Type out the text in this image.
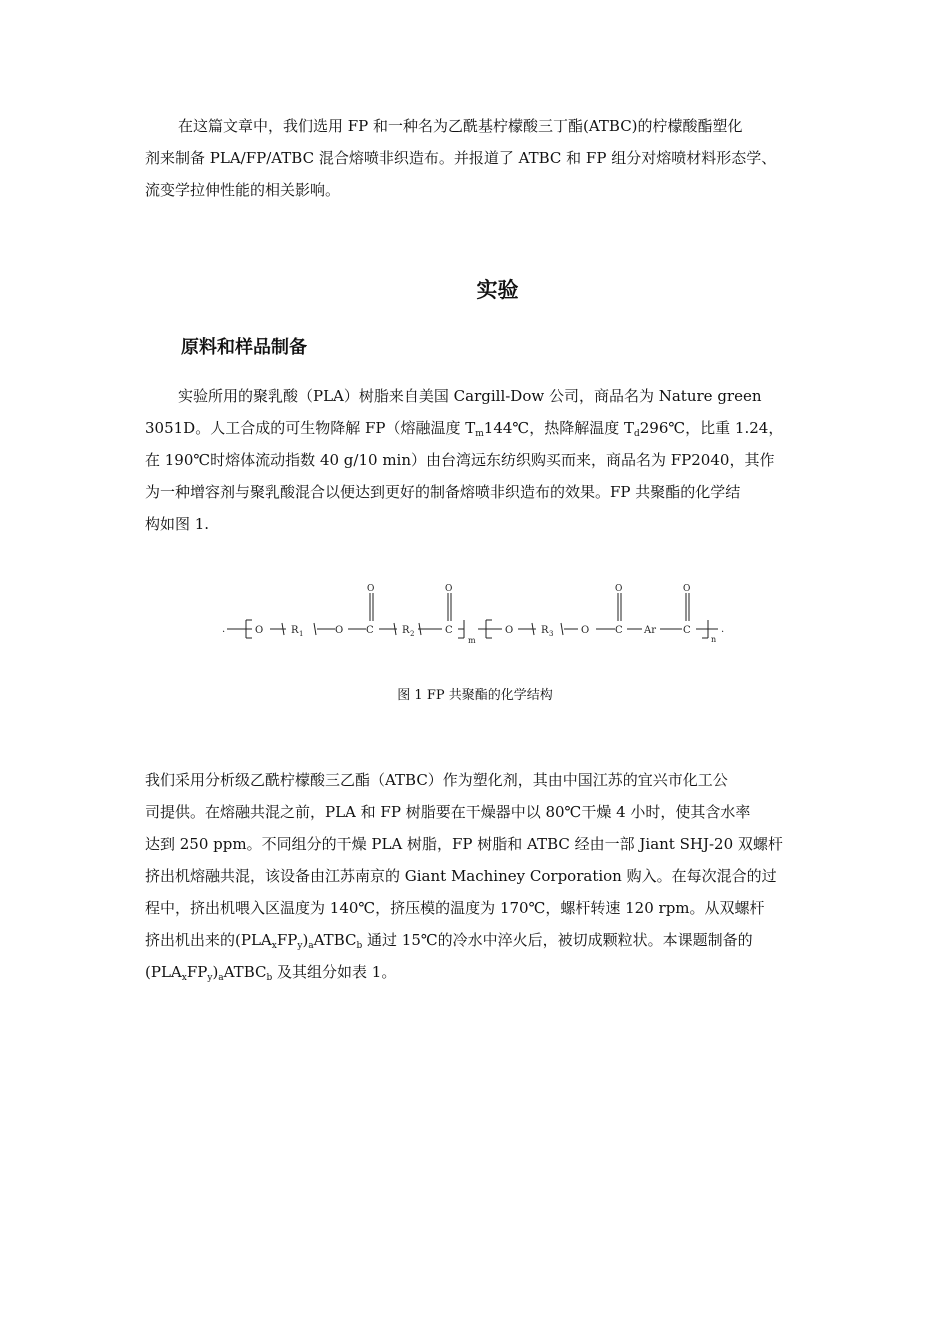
在这篇文章中，我们选用 FP 和一种名为乙酰基柠檬酸三丁酯(ATBC)的柠檬酸酯塑化
剂来制备 PLA/FP/ATBC 混合熔喷非织造布。并报道了 ATBC 和 FP 组分对熔喷材料形态学、
流变学拉伸性能的相关影响。

实验
原料和样品制备

实验所用的聚乳酸（PLA）树脂来自美国 Cargill-Dow 公司，商品名为 Nature green
3051D。人工合成的可生物降解 FP（熔融温度 $T_m144℃$，热降解温度 $T_d296℃$，比重 1.24，
在 190℃时熔体流动指数 40 g/10 min）由台湾远东纺织购买而来，商品名为 FP2040，其作
为一种增容剂与聚乳酸混合以便达到更好的制备熔喷非织造布的效果。FP 共聚酯的化学结
构如图 1.

.	O	R 1	O C
O
R 2	C
O
m
O	R 3	O	C
O
Ar	C
O
n
.

图 1 FP 共聚酯的化学结构

我们采用分析级乙酰柠檬酸三乙酯（ATBC）作为塑化剂，其由中国江苏的宜兴市化工公
司提供。在熔融共混之前，PLA 和 FP 树脂要在干燥器中以 80℃干燥 4 小时，使其含水率
达到 250 ppm。不同组分的干燥 PLA 树脂，FP 树脂和 ATBC 经由一部 Jiant SHJ-20 双螺杆
挤出机熔融共混，该设备由江苏南京的 Giant Machiney Corporation 购入。在每次混合的过
程中，挤出机喂入区温度为 140℃，挤压模的温度为 170℃，螺杆转速 120 rpm。从双螺杆
挤出机出来的$(PLA_xFP_y)_aATBC_b$ 通过 15℃的冷水中淬火后，被切成颗粒状。本课题制备的
$(PLA_xFP_y)_aATBC_b$ 及其组分如表 1。
